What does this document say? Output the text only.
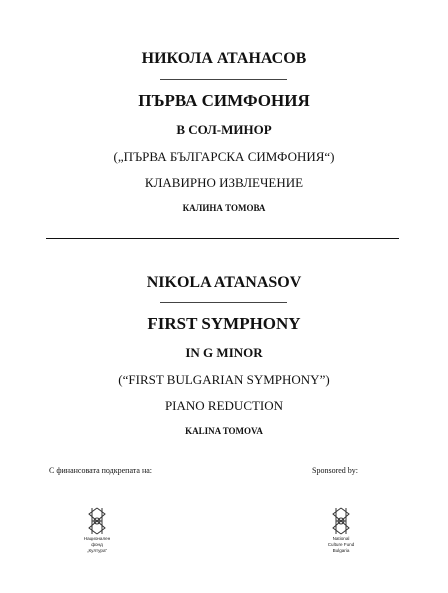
НИКОЛА АТАНАСОВ
ПЪРВА СИМФОНИЯ
В СОЛ-МИНОР
(„ПЪРВА БЪЛГАРСКА СИМФОНИЯ“)
КЛАВИРНО ИЗВЛЕЧЕНИЕ
КАЛИНА ТОМОВА
NIKOLA ATANASOV
FIRST SYMPHONY
IN G MINOR
(“FIRST BULGARIAN SYMPHONY”)
PIANO REDUCTION
KALINA TOMOVA
С финансовата подкрепата на:	Sponsored by:
Национален
фонд
„Култура“
National
Culture Fund
Bulgaria
